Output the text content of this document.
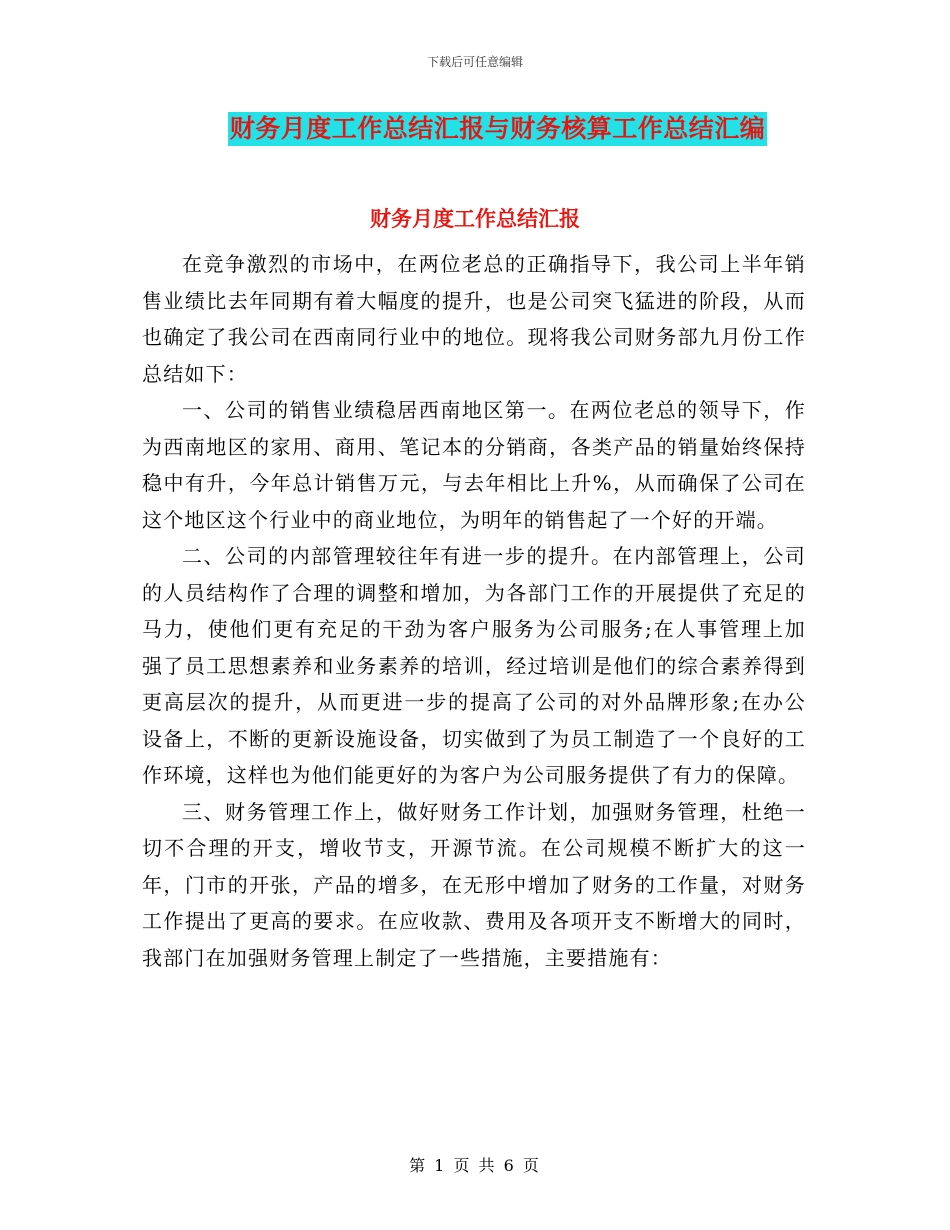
下载后可任意编辑
财务月度工作总结汇报与财务核算工作总结汇编
财务月度工作总结汇报

在竞争激烈的市场中，在两位老总的正确指导下，我公司上半年销售业绩比去年同期有着大幅度的提升，也是公司突飞猛进的阶段，从而也确定了我公司在西南同行业中的地位。现将我公司财务部九月份工作总结如下：

一、公司的销售业绩稳居西南地区第一。在两位老总的领导下，作为西南地区的家用、商用、笔记本的分销商，各类产品的销量始终保持稳中有升，今年总计销售万元，与去年相比上升%，从而确保了公司在这个地区这个行业中的商业地位，为明年的销售起了一个好的开端。

二、公司的内部管理较往年有进一步的提升。在内部管理上，公司的人员结构作了合理的调整和增加，为各部门工作的开展提供了充足的马力，使他们更有充足的干劲为客户服务为公司服务;在人事管理上加强了员工思想素养和业务素养的培训，经过培训是他们的综合素养得到更高层次的提升，从而更进一步的提高了公司的对外品牌形象;在办公设备上，不断的更新设施设备，切实做到了为员工制造了一个良好的工作环境，这样也为他们能更好的为客户为公司服务提供了有力的保障。

三、财务管理工作上，做好财务工作计划，加强财务管理，杜绝一切不合理的开支，增收节支，开源节流。在公司规模不断扩大的这一年，门市的开张，产品的增多，在无形中增加了财务的工作量，对财务工作提出了更高的要求。在应收款、费用及各项开支不断增大的同时，我部门在加强财务管理上制定了一些措施，主要措施有：

第 1 页 共 6 页
